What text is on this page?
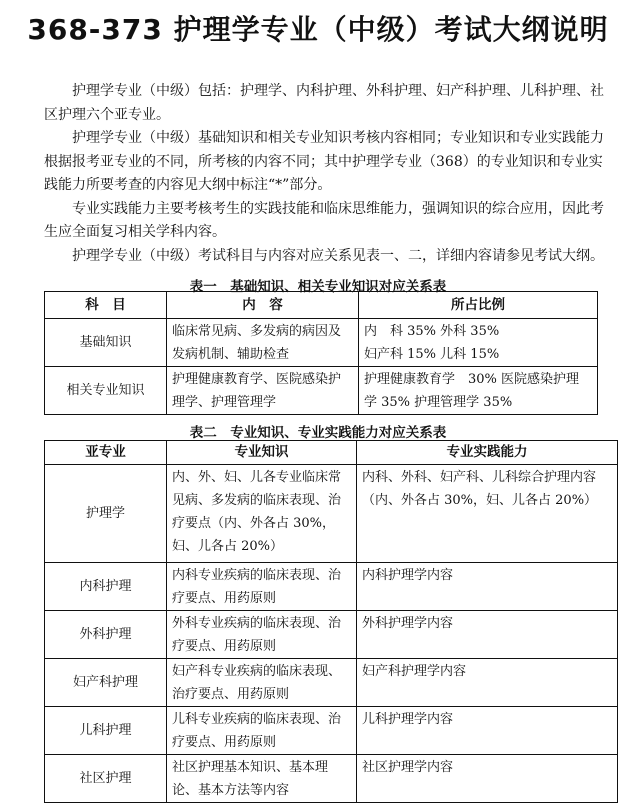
368-373 护理学专业（中级）考试大纲说明

护理学专业（中级）包括：护理学、内科护理、外科护理、妇产科护理、儿科护理、社区护理六个亚专业。

护理学专业（中级）基础知识和相关专业知识考核内容相同；专业知识和专业实践能力根据报考亚专业的不同，所考核的内容不同；其中护理学专业（368）的专业知识和专业实践能力所要考查的内容见大纲中标注“*”部分。

专业实践能力主要考核考生的实践技能和临床思维能力，强调知识的综合应用，因此考生应全面复习相关学科内容。

护理学专业（中级）考试科目与内容对应关系见表一、二，详细内容请参见考试大纲。

表一　基础知识、相关专业知识对应关系表
科　目	内　容	所占比例
基础知识	临床常见病、多发病的病因及发病机制、辅助检查	内　科 35% 外科 35%
妇产科 15% 儿科 15%

相关专业知识	护理健康教育学、医院感染护理学、护理管理学	护理健康教育学　30% 医院感染护理学 35% 护理管理学 35%
表二　专业知识、专业实践能力对应关系表
亚专业	专业知识	专业实践能力
护理学	内、外、妇、儿各专业临床常见病、多发病的临床表现、治疗要点（内、外各占 30%，妇、儿各占 20%）	内科、外科、妇产科、儿科综合护理内容（内、外各占 30%，妇、儿各占 20%）
内科护理	内科专业疾病的临床表现、治疗要点、用药原则	内科护理学内容
外科护理	外科专业疾病的临床表现、治疗要点、用药原则	外科护理学内容
妇产科护理	妇产科专业疾病的临床表现、治疗要点、用药原则	妇产科护理学内容
儿科护理	儿科专业疾病的临床表现、治疗要点、用药原则	儿科护理学内容
社区护理	社区护理基本知识、基本理论、基本方法等内容	社区护理学内容
